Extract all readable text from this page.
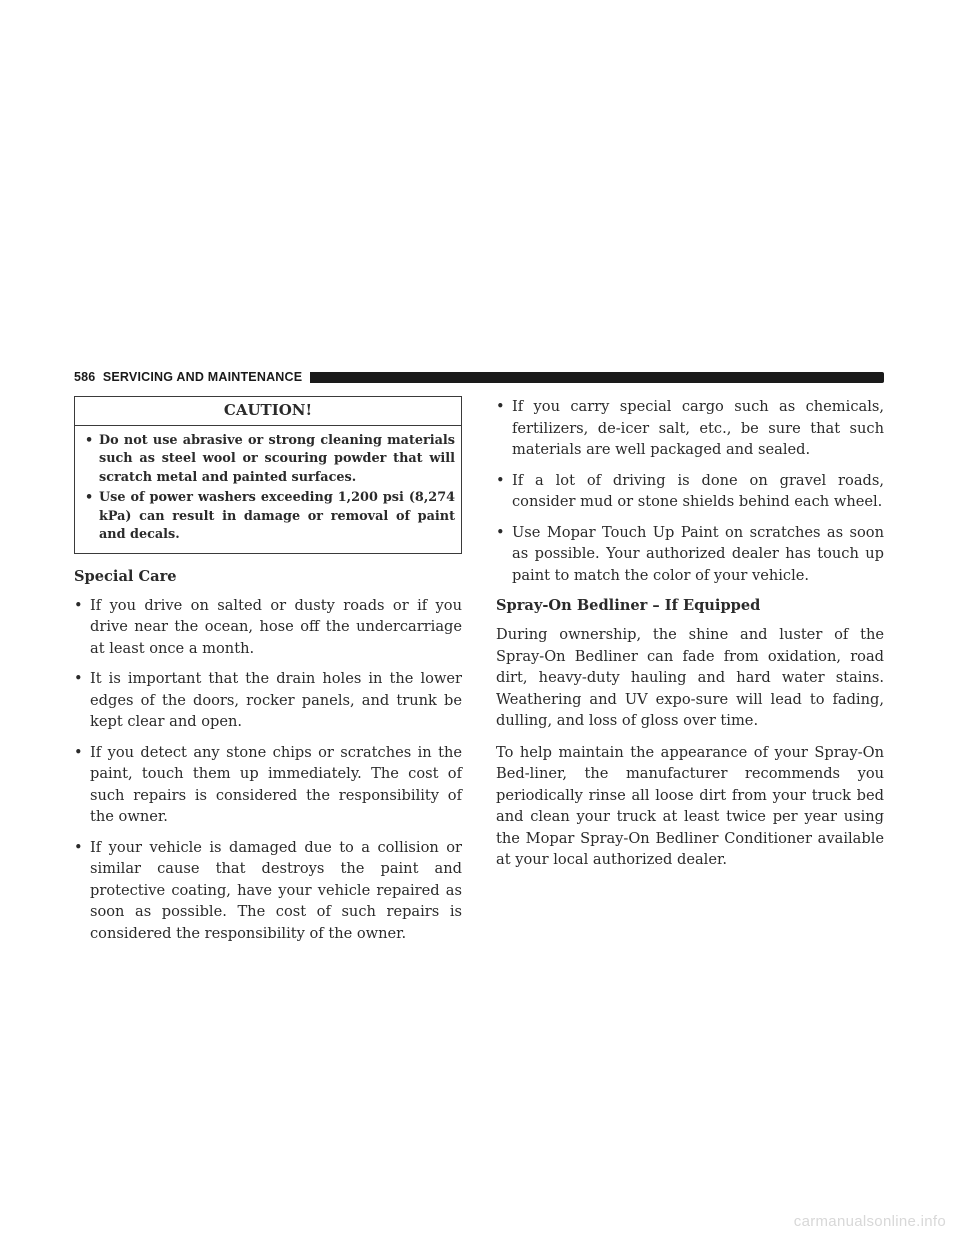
586 SERVICING AND MAINTENANCE
CAUTION!
• Do not use abrasive or strong cleaning materials such as steel wool or scouring powder that will scratch metal and painted surfaces.
• Use of power washers exceeding 1,200 psi (8,274 kPa) can result in damage or removal of paint and decals.
Special Care
• If you drive on salted or dusty roads or if you drive near the ocean, hose off the undercarriage at least once a month.
• It is important that the drain holes in the lower edges of the doors, rocker panels, and trunk be kept clear and open.
• If you detect any stone chips or scratches in the paint, touch them up immediately. The cost of such repairs is considered the responsibility of the owner.
• If your vehicle is damaged due to a collision or similar cause that destroys the paint and protective coating, have your vehicle repaired as soon as possible. The cost of such repairs is considered the responsibility of the owner.
• If you carry special cargo such as chemicals, fertilizers, de-icer salt, etc., be sure that such materials are well packaged and sealed.
• If a lot of driving is done on gravel roads, consider mud or stone shields behind each wheel.
• Use Mopar Touch Up Paint on scratches as soon as possible. Your authorized dealer has touch up paint to match the color of your vehicle.
Spray-On Bedliner – If Equipped

During ownership, the shine and luster of the Spray-On Bedliner can fade from oxidation, road dirt, heavy-duty hauling and hard water stains. Weathering and UV expo-sure will lead to fading, dulling, and loss of gloss over time.

To help maintain the appearance of your Spray-On Bed-liner, the manufacturer recommends you periodically rinse all loose dirt from your truck bed and clean your truck at least twice per year using the Mopar Spray-On Bedliner Conditioner available at your local authorized dealer.

carmanualsonline.info
